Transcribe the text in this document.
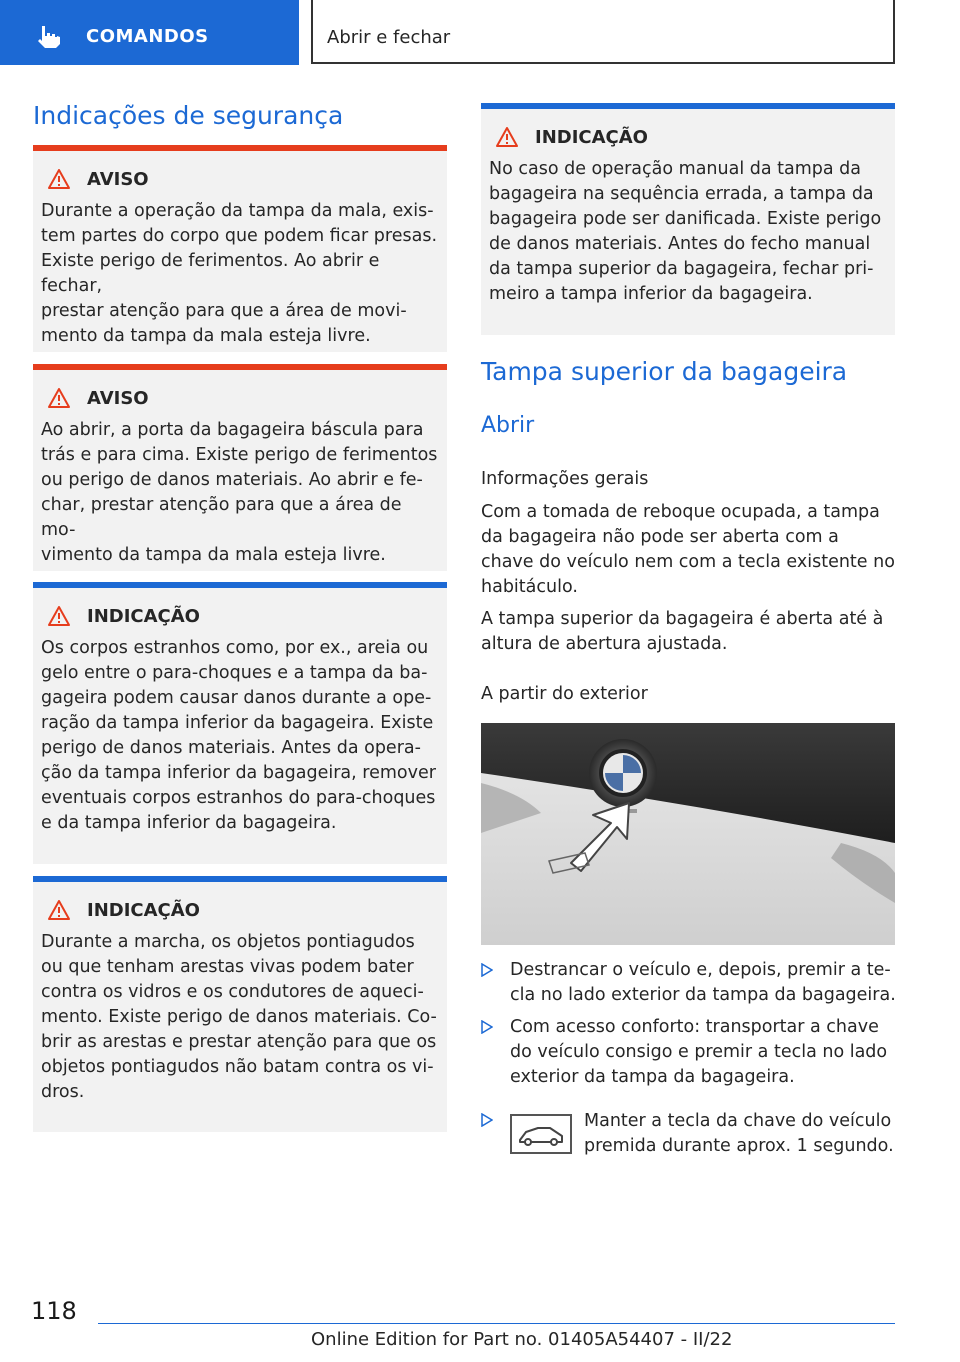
COMANDOS	Abrir e fechar
Indicações de segurança
AVISO

Durante a operação da tampa da mala, exis-
tem partes do corpo que podem ficar presas.
Existe perigo de ferimentos. Ao abrir e fechar,
prestar atenção para que a área de movi-
mento da tampa da mala esteja livre.

AVISO

Ao abrir, a porta da bagageira báscula para
trás e para cima. Existe perigo de ferimentos
ou perigo de danos materiais. Ao abrir e fe-
char, prestar atenção para que a área de mo-
vimento da tampa da mala esteja livre.

INDICAÇÃO

Os corpos estranhos como, por ex., areia ou
gelo entre o para-choques e a tampa da ba-
gageira podem causar danos durante a ope-
ração da tampa inferior da bagageira. Existe
perigo de danos materiais. Antes da opera-
ção da tampa inferior da bagageira, remover
eventuais corpos estranhos do para-choques
e da tampa inferior da bagageira.

INDICAÇÃO

Durante a marcha, os objetos pontiagudos
ou que tenham arestas vivas podem bater
contra os vidros e os condutores de aqueci-
mento. Existe perigo de danos materiais. Co-
brir as arestas e prestar atenção para que os
objetos pontiagudos não batam contra os vi-
dros.

INDICAÇÃO

No caso de operação manual da tampa da
bagageira na sequência errada, a tampa da
bagageira pode ser danificada. Existe perigo
de danos materiais. Antes do fecho manual
da tampa superior da bagageira, fechar pri-
meiro a tampa inferior da bagageira.

Tampa superior da bagageira
Abrir
Informações gerais

Com a tomada de reboque ocupada, a tampa
da bagageira não pode ser aberta com a
chave do veículo nem com a tecla existente no
habitáculo.

A tampa superior da bagageira é aberta até à
altura de abertura ajustada.

A partir do exterior
Destrancar o veículo e, depois, premir a te-
cla no lado exterior da tampa da bagageira.
Com acesso conforto: transportar a chave
do veículo consigo e premir a tecla no lado
exterior da tampa da bagageira.
Manter a tecla da chave do veículo
premida durante aprox. 1 segundo.
118
Online Edition for Part no. 01405A54407 - II/22
